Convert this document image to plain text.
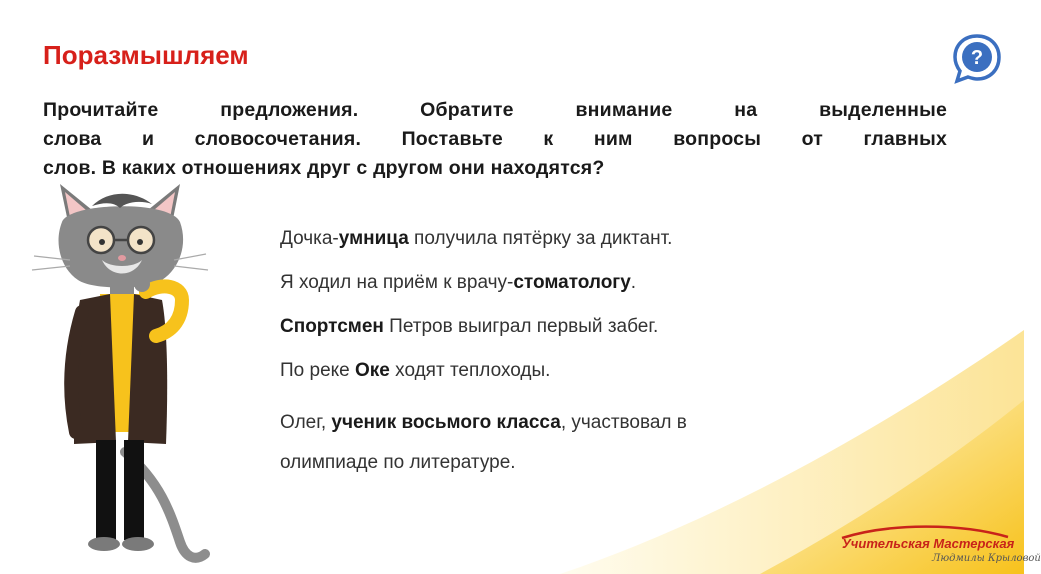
Поразмышляем	?
Прочитайте предложения. Обратите внимание на выделенные
слова и словосочетания. Поставьте к ним вопросы от главных
слов. В каких отношениях друг с другом они находятся?

Дочка-умница получила пятёрку за диктант.

Я ходил на приём к врачу-стоматологу.

Спортсмен Петров выиграл первый забег.

По реке Оке ходят теплоходы.

Олег, ученик восьмого класса, участвовал в

олимпиаде по литературе.

Учительская Мастерская
Людмилы Крыловой
